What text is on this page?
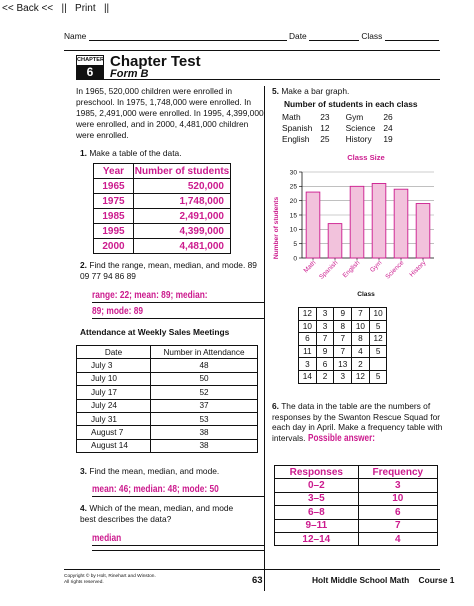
<< Back << || Print ||
Name	Date	Class
CHAPTER
6
Chapter Test
Form B
In 1965, 520,000 children were enrolled in preschool. In 1975, 1,748,000 were enrolled. In 1985, 2,491,000 were enrolled. In 1995, 4,399,000 were enrolled, and in 2000, 4,481,000 children were enrolled.
1. Make a table of the data.
Year	Number of students
1965	520,000
1975	1,748,000
1985	2,491,000
1995	4,399,000
2000	4,481,000
2. Find the range, mean, median, and mode. 89 09 77 94 86 89
range: 22; mean: 89; median:
89; mode: 89
Attendance at Weekly Sales Meetings
Date	Number in Attendance
July 3	48
July 10	50
July 17	52
July 24	37
July 31	53
August 7	38
August 14	38
3. Find the mean, median, and mode.
mean: 46; median: 48; mode: 50
4. Which of the mean, median, and mode best describes the data?
median
5. Make a bar graph.
Number of students in each class
Math	23	Gym	26
Spanish	12	Science	24
English	25	History	19
Class Size
Number of students
Class
0
5
10
15
20
25
30
Math Spanish English Gym Science History
12	3	9	7	10
10	3	8	10	5
6	7	7	8	12
11	9	7	4	5
3	6	13	2	
14	2	3	12	5
6. The data in the table are the numbers of responses by the Swanton Rescue Squad for each day in April. Make a frequency table with intervals. Possible answer:
Responses	Frequency
0–2	3
3–5	10
6–8	6
9–11	7
12–14	4
Copyright © by Holt, Rinehart and Winston.
All rights reserved.	63	Holt Middle School Math    Course 1
